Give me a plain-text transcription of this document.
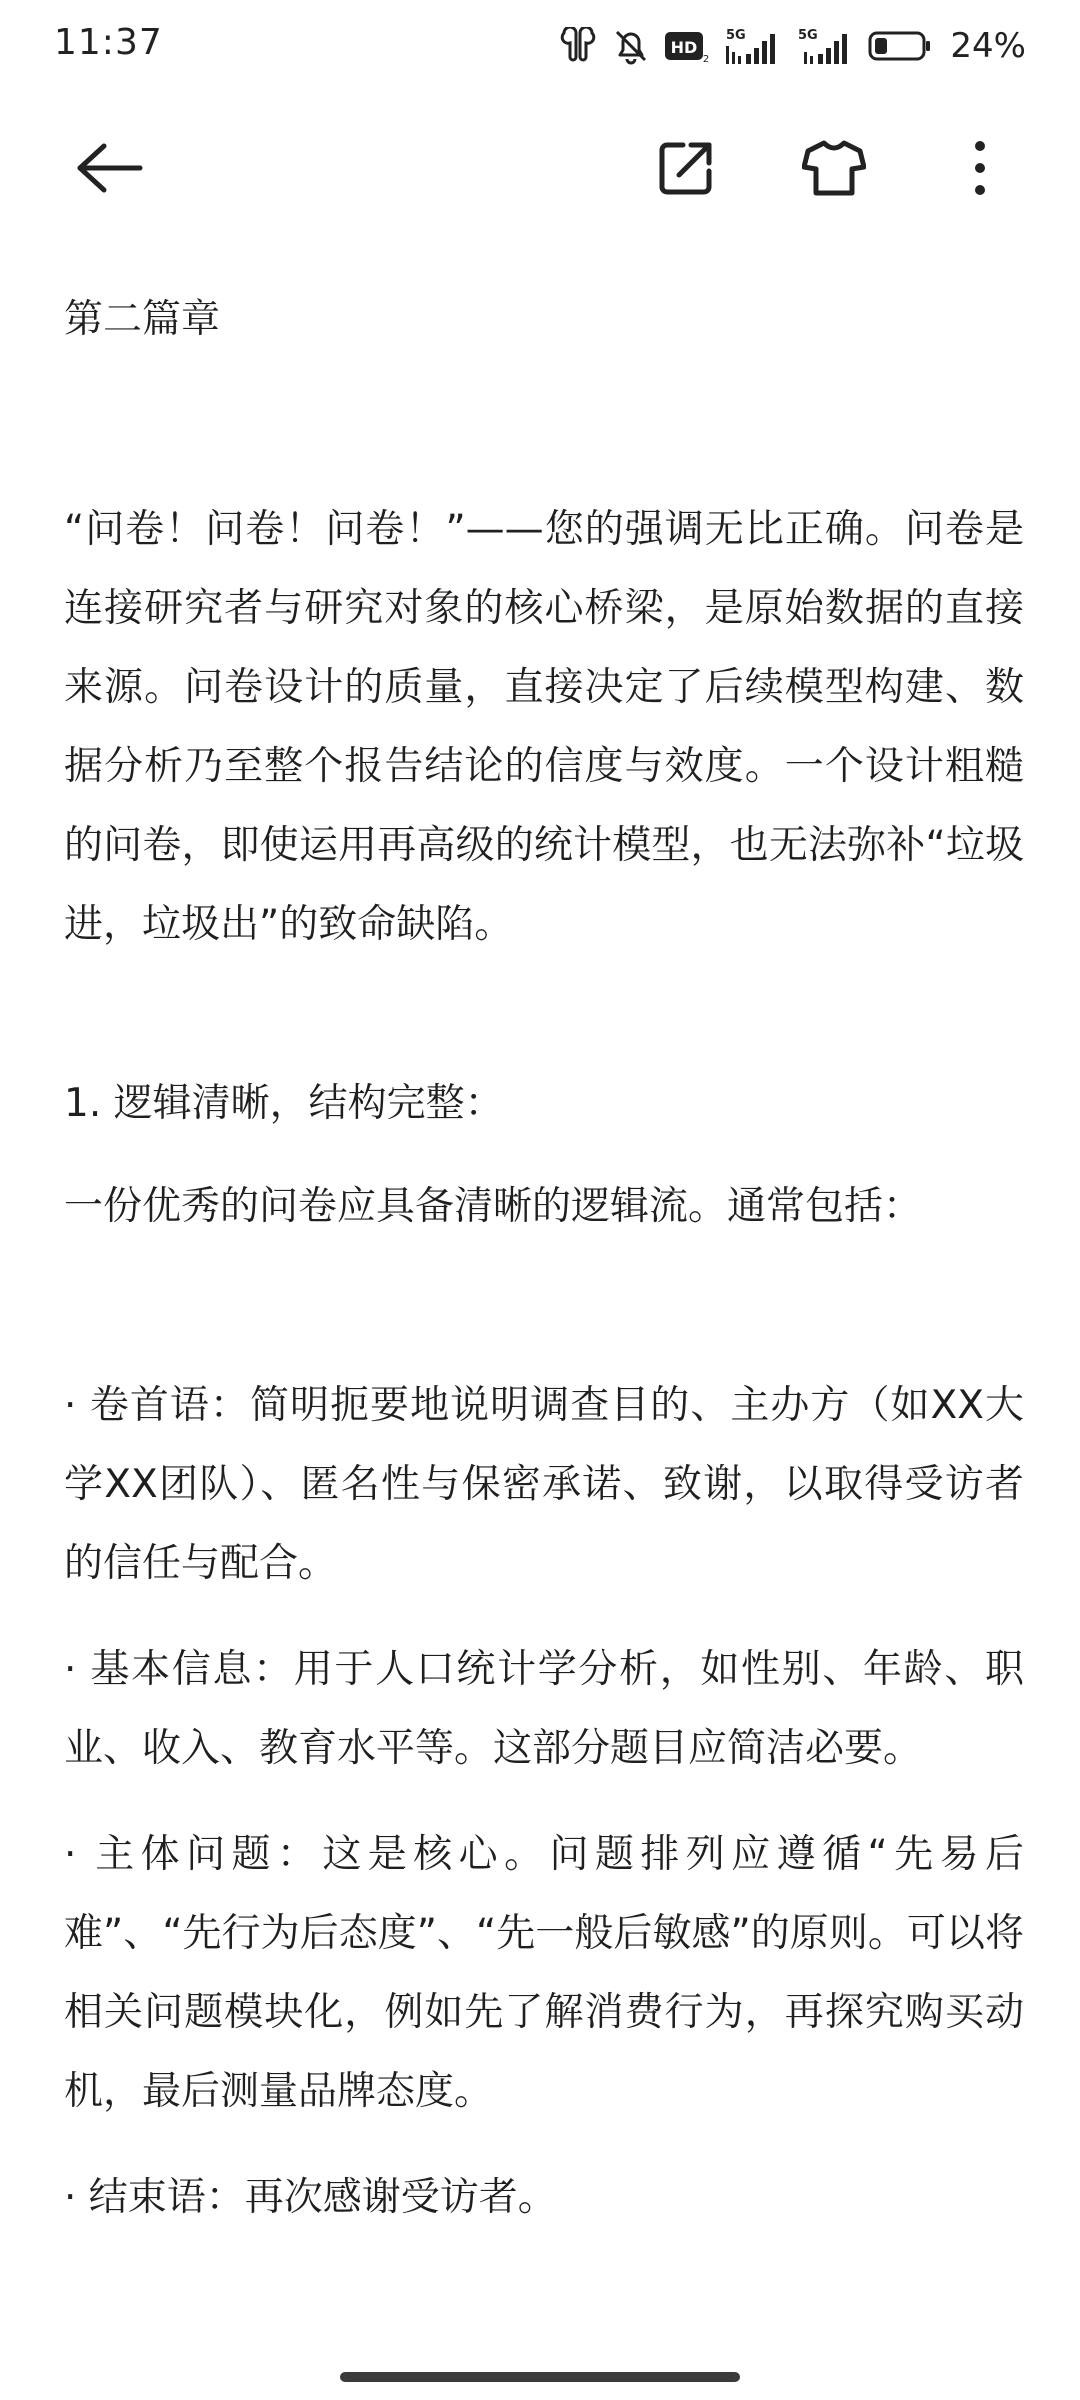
11:37	HD
2
5G	5G	24%

第二篇章

“问卷！问卷！问卷！”——您的强调无比正确。问卷是连接研究者与研究对象的核心桥梁，是原始数据的直接来源。问卷设计的质量，直接决定了后续模型构建、数据分析乃至整个报告结论的信度与效度。一个设计粗糙的问卷，即使运用再高级的统计模型，也无法弥补“垃圾进，垃圾出”的致命缺陷。

1. 逻辑清晰，结构完整：

一份优秀的问卷应具备清晰的逻辑流。通常包括：

· 卷首语：简明扼要地说明调查目的、主办方（如XX大学XX团队）、匿名性与保密承诺、致谢，以取得受访者的信任与配合。

· 基本信息：用于人口统计学分析，如性别、年龄、职业、收入、教育水平等。这部分题目应简洁必要。

· 主体问题：这是核心。问题排列应遵循“先易后难”、“先行为后态度”、“先一般后敏感”的原则。可以将相关问题模块化，例如先了解消费行为，再探究购买动机，最后测量品牌态度。

· 结束语：再次感谢受访者。
